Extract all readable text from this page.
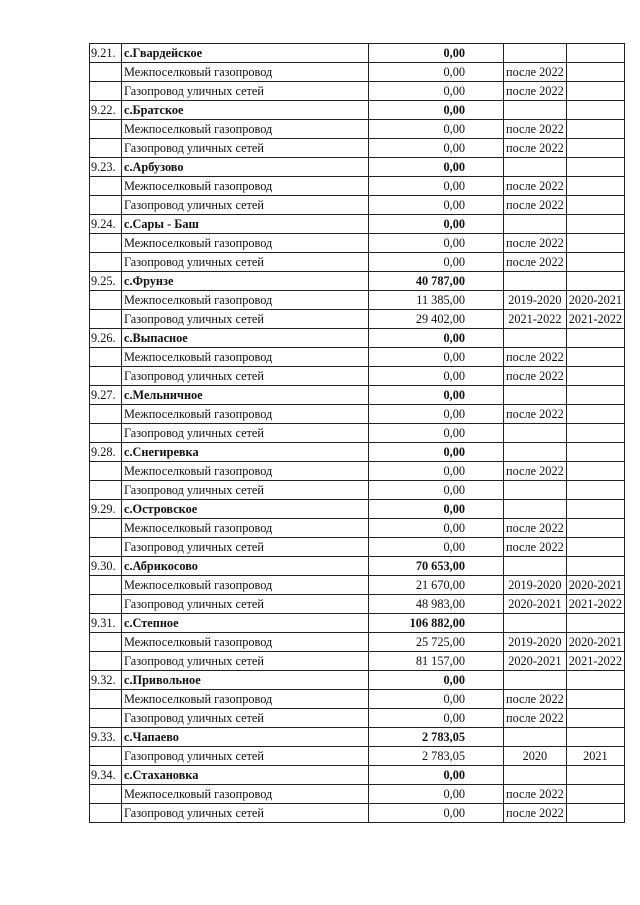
9.21.	с.Гвардейское	0,00		
	Межпоселковый газопровод	0,00	после 2022	
	Газопровод уличных сетей	0,00	после 2022	
9.22.	с.Братское	0,00		
	Межпоселковый газопровод	0,00	после 2022	
	Газопровод уличных сетей	0,00	после 2022	
9.23.	с.Арбузово	0,00		
	Межпоселковый газопровод	0,00	после 2022	
	Газопровод уличных сетей	0,00	после 2022	
9.24.	с.Сары - Баш	0,00		
	Межпоселковый газопровод	0,00	после 2022	
	Газопровод уличных сетей	0,00	после 2022	
9.25.	с.Фрунзе	40 787,00		
	Межпоселковый газопровод	11 385,00	2019-2020	2020-2021
	Газопровод уличных сетей	29 402,00	2021-2022	2021-2022
9.26.	с.Выпасное	0,00		
	Межпоселковый газопровод	0,00	после 2022	
	Газопровод уличных сетей	0,00	после 2022	
9.27.	с.Мельничное	0,00		
	Межпоселковый газопровод	0,00	после 2022	
	Газопровод уличных сетей	0,00		
9.28.	с.Снегиревка	0,00		
	Межпоселковый газопровод	0,00	после 2022	
	Газопровод уличных сетей	0,00		
9.29.	с.Островское	0,00		
	Межпоселковый газопровод	0,00	после 2022	
	Газопровод уличных сетей	0,00	после 2022	
9.30.	с.Абрикосово	70 653,00		
	Межпоселковый газопровод	21 670,00	2019-2020	2020-2021
	Газопровод уличных сетей	48 983,00	2020-2021	2021-2022
9.31.	с.Степное	106 882,00		
	Межпоселковый газопровод	25 725,00	2019-2020	2020-2021
	Газопровод уличных сетей	81 157,00	2020-2021	2021-2022
9.32.	с.Привольное	0,00		
	Межпоселковый газопровод	0,00	после 2022	
	Газопровод уличных сетей	0,00	после 2022	
9.33.	с.Чапаево	2 783,05		
	Газопровод уличных сетей	2 783,05	2020	2021
9.34.	с.Стахановка	0,00		
	Межпоселковый газопровод	0,00	после 2022	
	Газопровод уличных сетей	0,00	после 2022	
